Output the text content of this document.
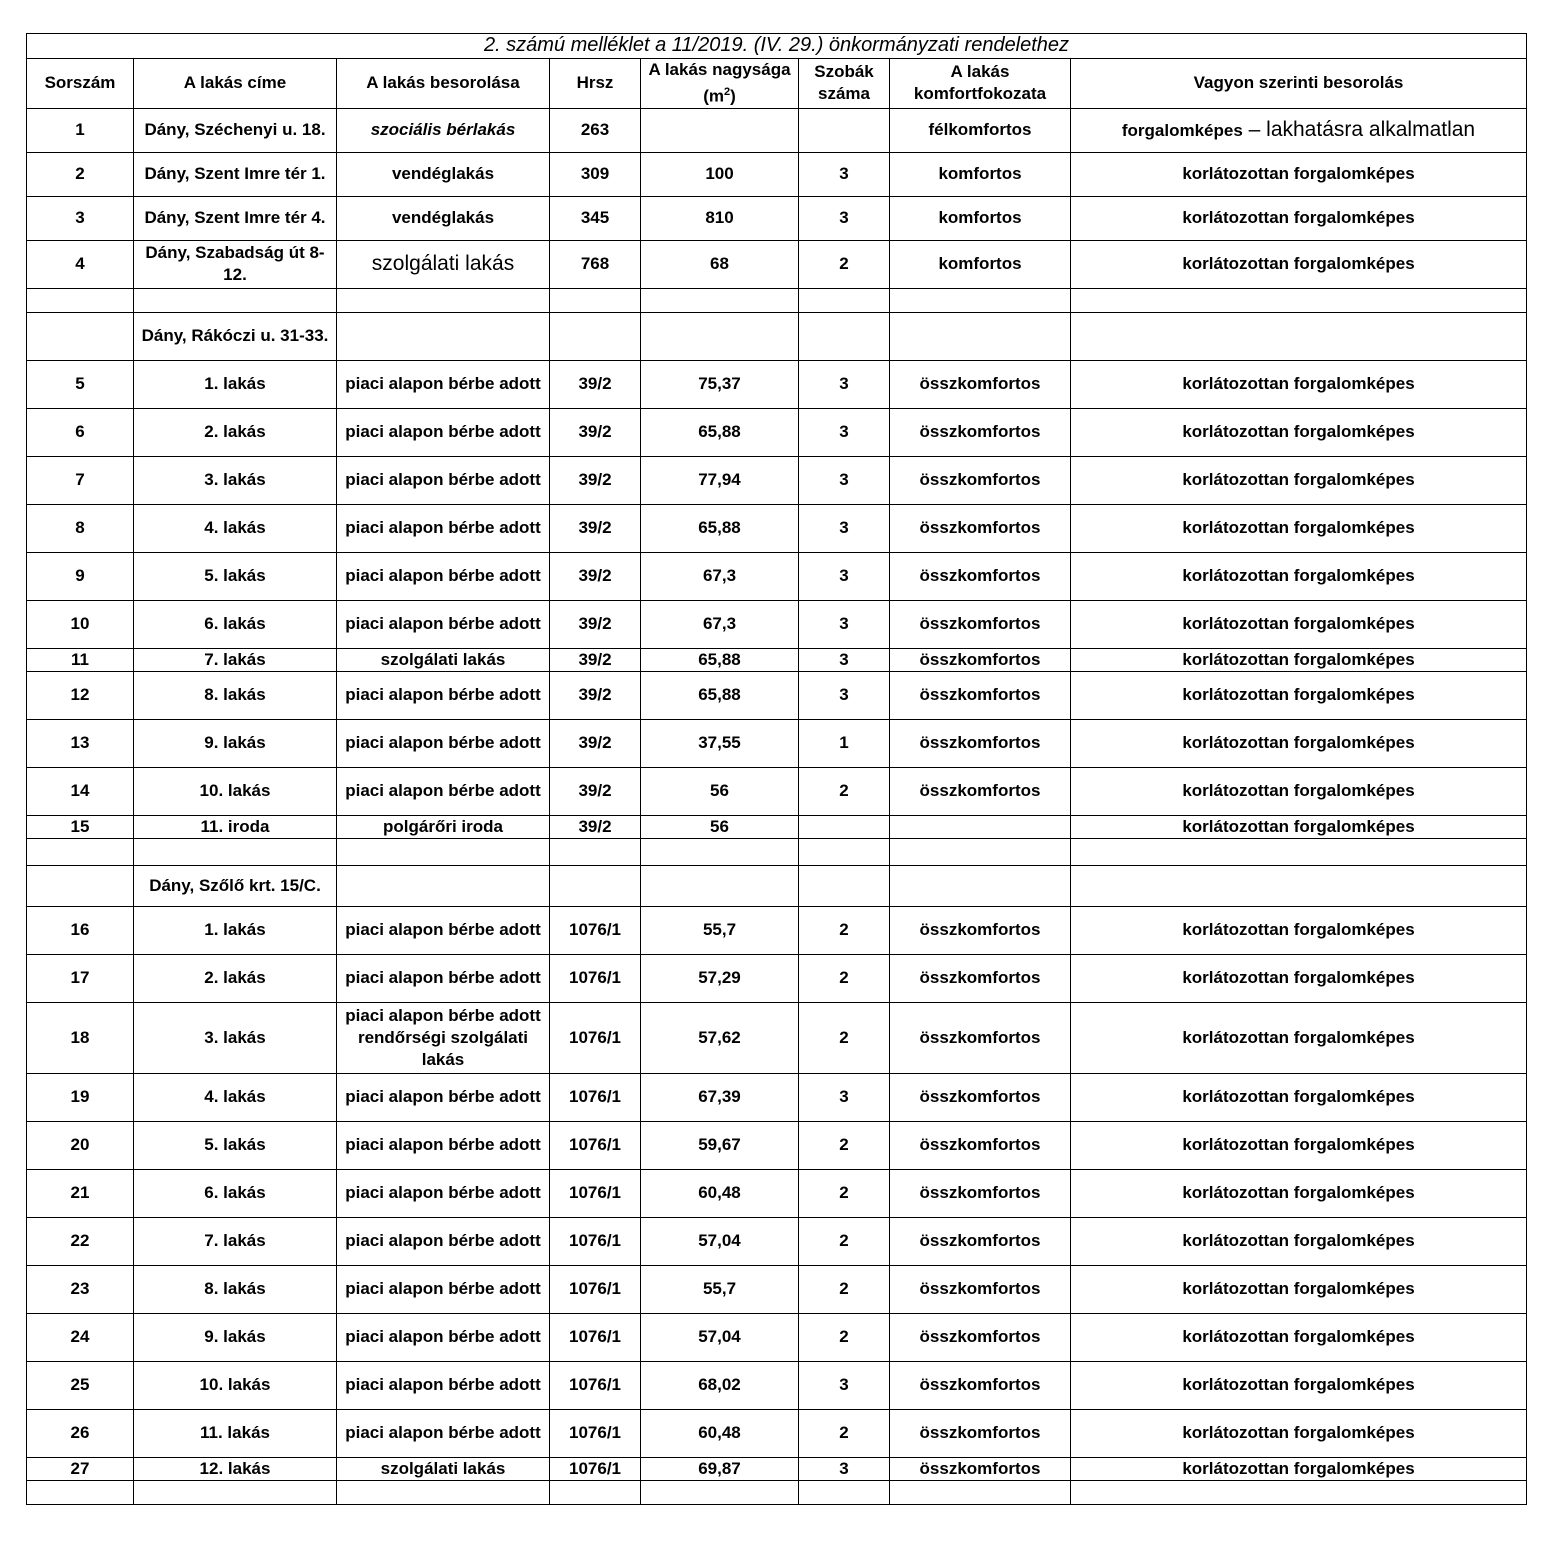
2. számú melléklet a 11/2019. (IV. 29.) önkormányzati rendelethez
Sorszám	A lakás címe	A lakás besorolása	Hrsz	A lakás nagysága $(m^2)$	Szobák száma	A lakás komfortfokozata	Vagyon szerinti besorolás
1	Dány, Széchenyi u. 18.	szociális bérlakás	263			félkomfortos	forgalomképes – lakhatásra alkalmatlan
2	Dány, Szent Imre tér 1.	vendéglakás	309	100	3	komfortos	korlátozottan forgalomképes
3	Dány, Szent Imre tér 4.	vendéglakás	345	810	3	komfortos	korlátozottan forgalomképes
4	Dány, Szabadság út 8-12.	szolgálati lakás	768	68	2	komfortos	korlátozottan forgalomképes

	Dány, Rákóczi u. 31-33.						
5	1. lakás	piaci alapon bérbe adott	39/2	75,37	3	összkomfortos	korlátozottan forgalomképes
6	2. lakás	piaci alapon bérbe adott	39/2	65,88	3	összkomfortos	korlátozottan forgalomképes
7	3. lakás	piaci alapon bérbe adott	39/2	77,94	3	összkomfortos	korlátozottan forgalomképes
8	4. lakás	piaci alapon bérbe adott	39/2	65,88	3	összkomfortos	korlátozottan forgalomképes
9	5. lakás	piaci alapon bérbe adott	39/2	67,3	3	összkomfortos	korlátozottan forgalomképes
10	6. lakás	piaci alapon bérbe adott	39/2	67,3	3	összkomfortos	korlátozottan forgalomképes
11	7. lakás	szolgálati lakás	39/2	65,88	3	összkomfortos	korlátozottan forgalomképes
12	8. lakás	piaci alapon bérbe adott	39/2	65,88	3	összkomfortos	korlátozottan forgalomképes
13	9. lakás	piaci alapon bérbe adott	39/2	37,55	1	összkomfortos	korlátozottan forgalomképes
14	10. lakás	piaci alapon bérbe adott	39/2	56	2	összkomfortos	korlátozottan forgalomképes
15	11. iroda	polgárőri iroda	39/2	56			korlátozottan forgalomképes

	Dány, Szőlő krt. 15/C.						
16	1. lakás	piaci alapon bérbe adott	1076/1	55,7	2	összkomfortos	korlátozottan forgalomképes
17	2. lakás	piaci alapon bérbe adott	1076/1	57,29	2	összkomfortos	korlátozottan forgalomképes
18	3. lakás	piaci alapon bérbe adott rendőrségi szolgálati lakás	1076/1	57,62	2	összkomfortos	korlátozottan forgalomképes
19	4. lakás	piaci alapon bérbe adott	1076/1	67,39	3	összkomfortos	korlátozottan forgalomképes
20	5. lakás	piaci alapon bérbe adott	1076/1	59,67	2	összkomfortos	korlátozottan forgalomképes
21	6. lakás	piaci alapon bérbe adott	1076/1	60,48	2	összkomfortos	korlátozottan forgalomképes
22	7. lakás	piaci alapon bérbe adott	1076/1	57,04	2	összkomfortos	korlátozottan forgalomképes
23	8. lakás	piaci alapon bérbe adott	1076/1	55,7	2	összkomfortos	korlátozottan forgalomképes
24	9. lakás	piaci alapon bérbe adott	1076/1	57,04	2	összkomfortos	korlátozottan forgalomképes
25	10. lakás	piaci alapon bérbe adott	1076/1	68,02	3	összkomfortos	korlátozottan forgalomképes
26	11. lakás	piaci alapon bérbe adott	1076/1	60,48	2	összkomfortos	korlátozottan forgalomképes
27	12. lakás	szolgálati lakás	1076/1	69,87	3	összkomfortos	korlátozottan forgalomképes
